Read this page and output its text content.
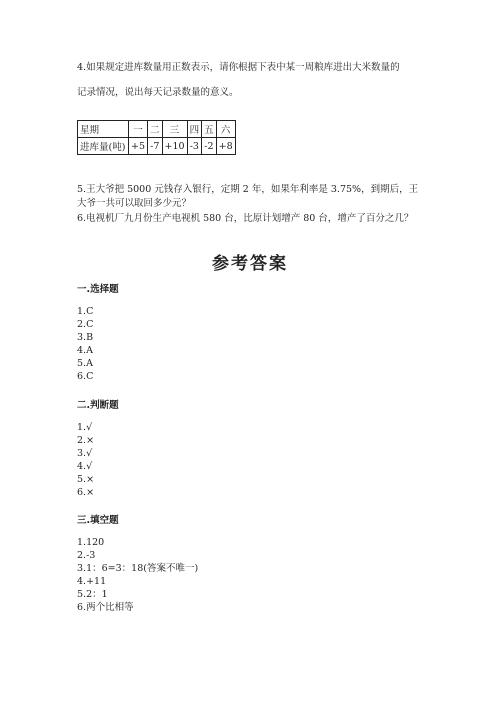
4.如果规定进库数量用正数表示，请你根据下表中某一周粮库进出大米数量的
记录情况，说出每天记录数量的意义。
星期	一	二	三	四	五	六
进库量(吨)	+5	-7	+10	-3	-2	+8
5.王大爷把 5000 元钱存入银行，定期 2 年，如果年利率是 3.75%，到期后，王
大爷一共可以取回多少元？
6.电视机厂九月份生产电视机 580 台，比原计划增产 80 台，增产了百分之几？
参考答案
一.选择题
1.C
2.C
3.B
4.A
5.A
6.C
二.判断题
1.√
2.×
3.√
4.√
5.×
6.×
三.填空题
1.120
2.-3
3.1：6=3：18(答案不唯一)
4.+11
5.2：1
6.两个比相等
